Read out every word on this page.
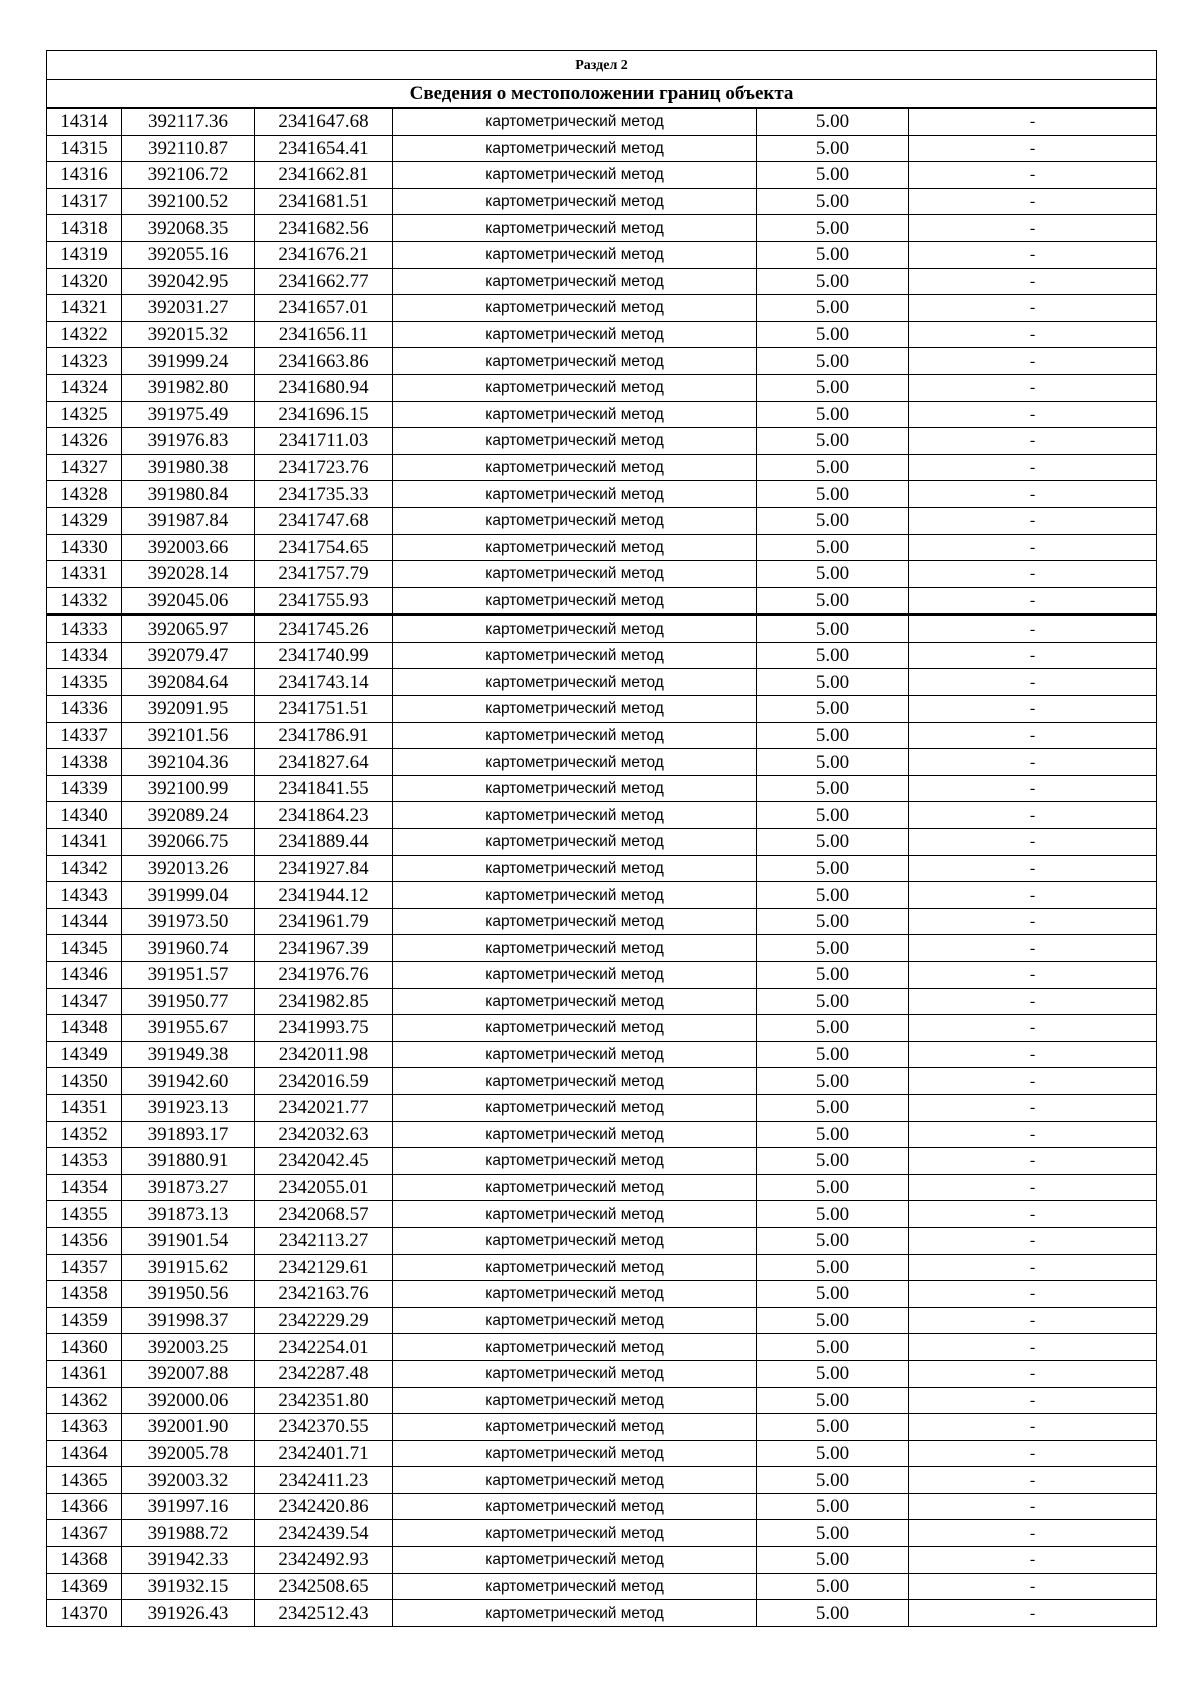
Раздел 2					
Сведения о местоположении границ объекта					
14314	392117.36	2341647.68	картометрический метод	5.00	-
14315	392110.87	2341654.41	картометрический метод	5.00	-
14316	392106.72	2341662.81	картометрический метод	5.00	-
14317	392100.52	2341681.51	картометрический метод	5.00	-
14318	392068.35	2341682.56	картометрический метод	5.00	-
14319	392055.16	2341676.21	картометрический метод	5.00	-
14320	392042.95	2341662.77	картометрический метод	5.00	-
14321	392031.27	2341657.01	картометрический метод	5.00	-
14322	392015.32	2341656.11	картометрический метод	5.00	-
14323	391999.24	2341663.86	картометрический метод	5.00	-
14324	391982.80	2341680.94	картометрический метод	5.00	-
14325	391975.49	2341696.15	картометрический метод	5.00	-
14326	391976.83	2341711.03	картометрический метод	5.00	-
14327	391980.38	2341723.76	картометрический метод	5.00	-
14328	391980.84	2341735.33	картометрический метод	5.00	-
14329	391987.84	2341747.68	картометрический метод	5.00	-
14330	392003.66	2341754.65	картометрический метод	5.00	-
14331	392028.14	2341757.79	картометрический метод	5.00	-
14332	392045.06	2341755.93	картометрический метод	5.00	-
14333	392065.97	2341745.26	картометрический метод	5.00	-
14334	392079.47	2341740.99	картометрический метод	5.00	-
14335	392084.64	2341743.14	картометрический метод	5.00	-
14336	392091.95	2341751.51	картометрический метод	5.00	-
14337	392101.56	2341786.91	картометрический метод	5.00	-
14338	392104.36	2341827.64	картометрический метод	5.00	-
14339	392100.99	2341841.55	картометрический метод	5.00	-
14340	392089.24	2341864.23	картометрический метод	5.00	-
14341	392066.75	2341889.44	картометрический метод	5.00	-
14342	392013.26	2341927.84	картометрический метод	5.00	-
14343	391999.04	2341944.12	картометрический метод	5.00	-
14344	391973.50	2341961.79	картометрический метод	5.00	-
14345	391960.74	2341967.39	картометрический метод	5.00	-
14346	391951.57	2341976.76	картометрический метод	5.00	-
14347	391950.77	2341982.85	картометрический метод	5.00	-
14348	391955.67	2341993.75	картометрический метод	5.00	-
14349	391949.38	2342011.98	картометрический метод	5.00	-
14350	391942.60	2342016.59	картометрический метод	5.00	-
14351	391923.13	2342021.77	картометрический метод	5.00	-
14352	391893.17	2342032.63	картометрический метод	5.00	-
14353	391880.91	2342042.45	картометрический метод	5.00	-
14354	391873.27	2342055.01	картометрический метод	5.00	-
14355	391873.13	2342068.57	картометрический метод	5.00	-
14356	391901.54	2342113.27	картометрический метод	5.00	-
14357	391915.62	2342129.61	картометрический метод	5.00	-
14358	391950.56	2342163.76	картометрический метод	5.00	-
14359	391998.37	2342229.29	картометрический метод	5.00	-
14360	392003.25	2342254.01	картометрический метод	5.00	-
14361	392007.88	2342287.48	картометрический метод	5.00	-
14362	392000.06	2342351.80	картометрический метод	5.00	-
14363	392001.90	2342370.55	картометрический метод	5.00	-
14364	392005.78	2342401.71	картометрический метод	5.00	-
14365	392003.32	2342411.23	картометрический метод	5.00	-
14366	391997.16	2342420.86	картометрический метод	5.00	-
14367	391988.72	2342439.54	картометрический метод	5.00	-
14368	391942.33	2342492.93	картометрический метод	5.00	-
14369	391932.15	2342508.65	картометрический метод	5.00	-
14370	391926.43	2342512.43	картометрический метод	5.00	-
